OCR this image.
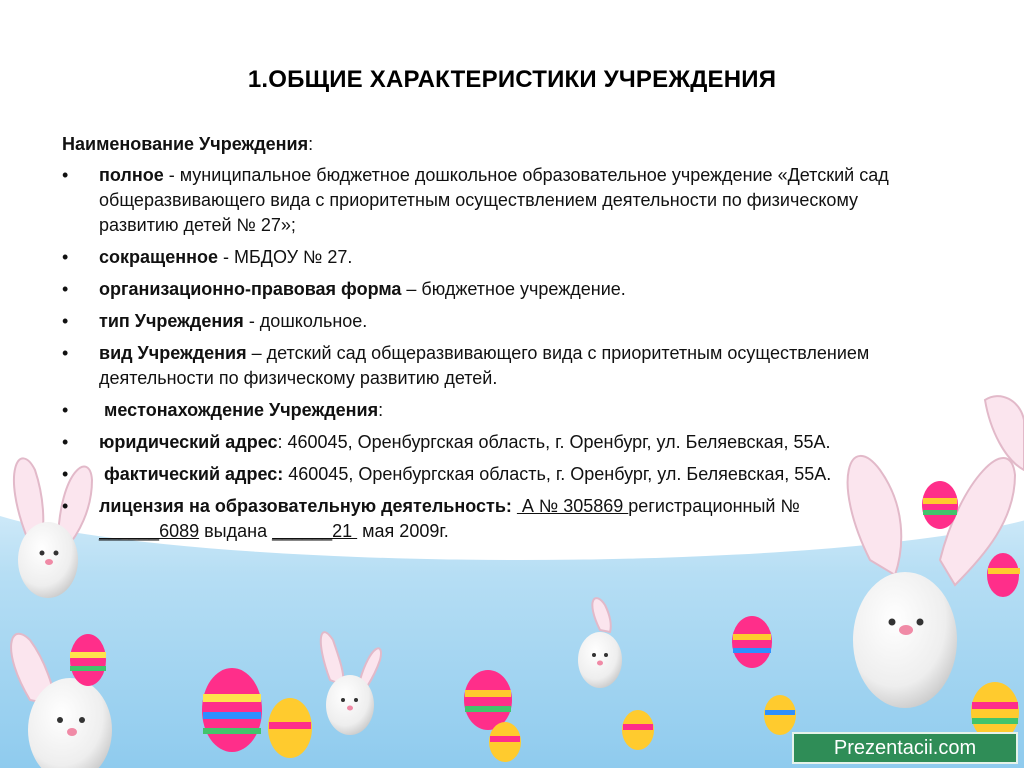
1.ОБЩИЕ ХАРАКТЕРИСТИКИ УЧРЕЖДЕНИЯ
Наименование Учреждения:
• полное - муниципальное бюджетное дошкольное образовательное учреждение «Детский сад общеразвивающего вида с приоритетным осуществлением деятельности по физическому развитию детей № 27»;
• сокращенное - МБДОУ № 27.
• организационно-правовая форма – бюджетное учреждение.
• тип Учреждения - дошкольное.
• вид Учреждения – детский сад общеразвивающего вида с приоритетным осуществлением деятельности по физическому развитию детей.
• местонахождение Учреждения:
• юридический адрес: 460045, Оренбургская область, г. Оренбург, ул. Беляевская, 55А.
• фактический адрес: 460045, Оренбургская область, г. Оренбург, ул. Беляевская, 55А.
• лицензия на образовательную деятельность:  А № 305869 регистрационный №
______6089 выдана ______21  мая 2009г.
Prezentacii.com
